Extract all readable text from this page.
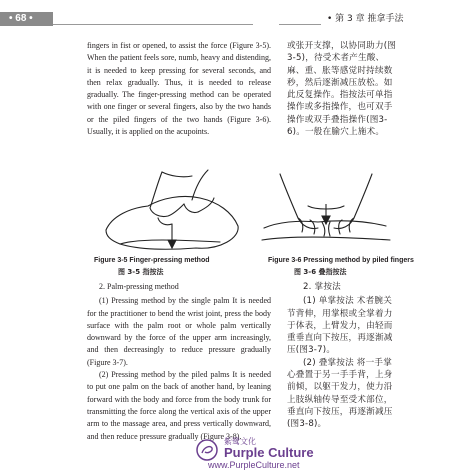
• 68 •	• 第 3 章 推拿手法

fingers in fist or opened, to assist the force (Figure 3-5). When the patient feels sore, numb, heavy and distending, it is needed to keep pressing for several seconds, and then relax gradually. Thus, it is needed to release gradually. The finger-pressing method can be operated with one finger or several fingers, also by the two hands or the piled fingers of the two hands (Figure 3-6). Usually, it is applied on the acupoints.

或张开支撑，以协同助力(图3-5)，待受术者产生酸、麻、重、胀等感觉时持续数秒，然后逐渐减压放松。如此反复操作。指按法可单指操作或多指操作，也可双手操作或双手叠指操作(图3-6)。一般在腧穴上施术。

Figure 3-5 Finger-pressing method
图 3-5 指按法
Figure 3-6 Pressing method by piled fingers
图 3-6 叠指按法

2. Palm-pressing method

(1) Pressing method by the single palm It is needed for the practitioner to bend the wrist joint, press the body surface with the palm root or whole palm vertically downward by the force of the upper arm increasingly, and then decreasingly to reduce pressure gradually (Figure 3-7).

(2) Pressing method by the piled palms It is needed to put one palm on the back of another hand, by leaning forward with the body and force from the body trunk for transmitting the force along the vertical axis of the upper arm to the massage area, and press vertically downward, and then reduce pressure gradually (Figure 3-8).

2. 掌按法

(1) 单掌按法 术者腕关节背伸，用掌根或全掌着力于体表，上臂发力，由轻而重垂直向下按压，再逐渐减压(图3-7)。

(2) 叠掌按法 将一手掌心叠置于另一手手背，上身前倾，以躯干发力，使力沿上肢纵轴传导至受术部位，垂直向下按压，再逐渐减压(图3-8)。

紫鹭文化
Purple Culture
www.PurpleCulture.net
